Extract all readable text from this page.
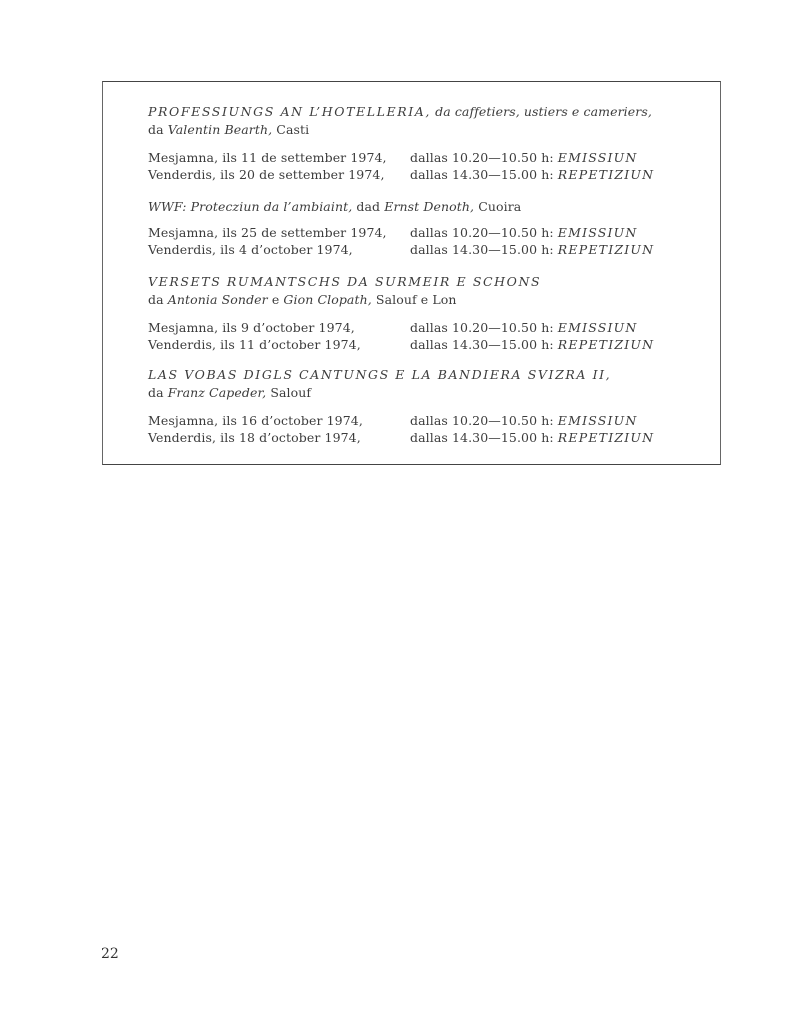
PROFESSIUNGS AN L’HOTELLERIA, da caffetiers, ustiers e cameriers,
da Valentin Bearth, Casti
Mesjamna, ils 11 de settember 1974, dallas 10.20—10.50 h: EMISSIUN
Venderdis, ils 20 de settember 1974, dallas 14.30—15.00 h: REPETIZIUN
WWF: Protecziun da l’ambiaint, dad Ernst Denoth, Cuoira
Mesjamna, ils 25 de settember 1974, dallas 10.20—10.50 h: EMISSIUN
Venderdis, ils 4 d’october 1974,	dallas 14.30—15.00 h: REPETIZIUN
VERSETS RUMANTSCHS DA SURMEIR E SCHONS
da Antonia Sonder e Gion Clopath, Salouf e Lon
Mesjamna, ils 9 d’october 1974,	dallas 10.20—10.50 h: EMISSIUN
Venderdis, ils 11 d’october 1974,	dallas 14.30—15.00 h: REPETIZIUN
LAS VOBAS DIGLS CANTUNGS E LA BANDIERA SVIZRA II,
da Franz Capeder, Salouf
Mesjamna, ils 16 d’october 1974,	dallas 10.20—10.50 h: EMISSIUN
Venderdis, ils 18 d’october 1974,	dallas 14.30—15.00 h: REPETIZIUN
22
